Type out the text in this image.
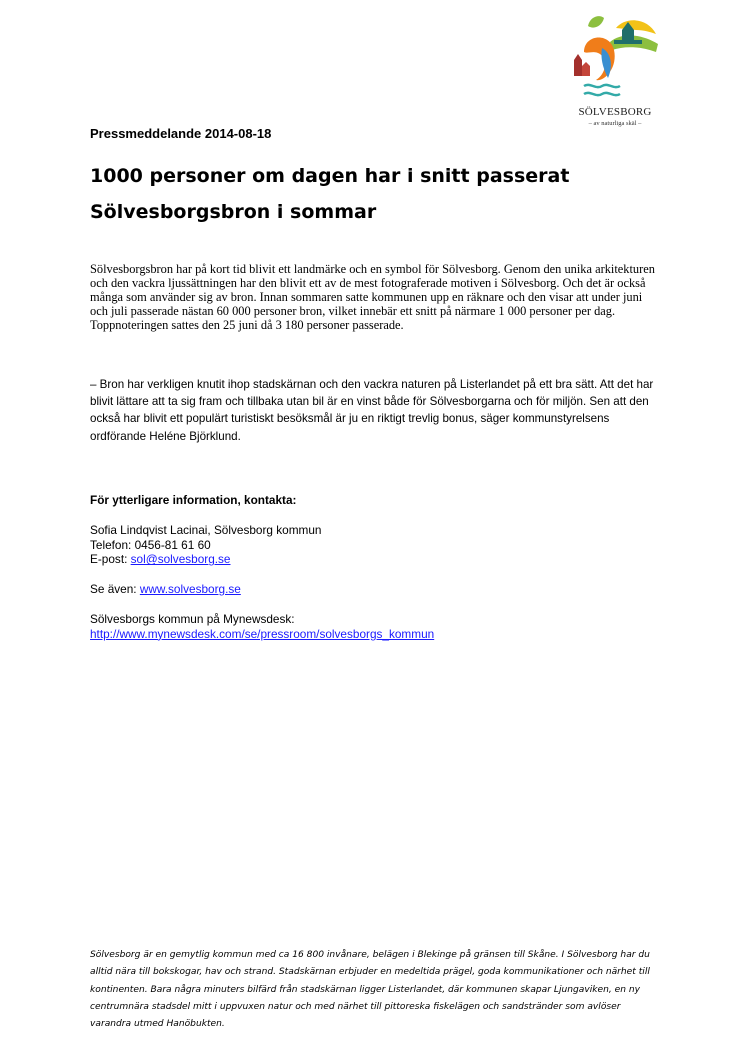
SÖLVESBORG
– av naturliga skäl –
Pressmeddelande 2014-08-18
1000 personer om dagen har i snitt passerat Sölvesborgsbron i sommar

Sölvesborgsbron har på kort tid blivit ett landmärke och en symbol för Sölvesborg. Genom den unika arkitekturen och den vackra ljussättningen har den blivit ett av de mest fotograferade motiven i Sölvesborg. Och det är också många som använder sig av bron. Innan sommaren satte kommunen upp en räknare och den visar att under juni och juli passerade nästan 60 000 personer bron, vilket innebär ett snitt på närmare 1 000 personer per dag. Toppnoteringen sattes den 25 juni då 3 180 personer passerade.

– Bron har verkligen knutit ihop stadskärnan och den vackra naturen på Listerlandet på ett bra sätt. Att det har blivit lättare att ta sig fram och tillbaka utan bil är en vinst både för Sölvesborgarna och för miljön. Sen att den också har blivit ett populärt turistiskt besöksmål är ju en riktigt trevlig bonus, säger kommunstyrelsens ordförande Heléne Björklund.

För ytterligare information, kontakta:
Sofia Lindqvist Lacinai, Sölvesborg kommun
Telefon: 0456-81 61 60
E-post: sol@solvesborg.se
Se även: www.solvesborg.se
Sölvesborgs kommun på Mynewsdesk:
http://www.mynewsdesk.com/se/pressroom/solvesborgs_kommun

Sölvesborg är en gemytlig kommun med ca 16 800 invånare, belägen i Blekinge på gränsen till Skåne. I Sölvesborg har du alltid nära till bokskogar, hav och strand. Stadskärnan erbjuder en medeltida prägel, goda kommunikationer och närhet till kontinenten. Bara några minuters bilfärd från stadskärnan ligger Listerlandet, där kommunen skapar Ljungaviken, en ny centrumnära stadsdel mitt i uppvuxen natur och med närhet till pittoreska fiskelägen och sandstränder som avlöser varandra utmed Hanöbukten.
